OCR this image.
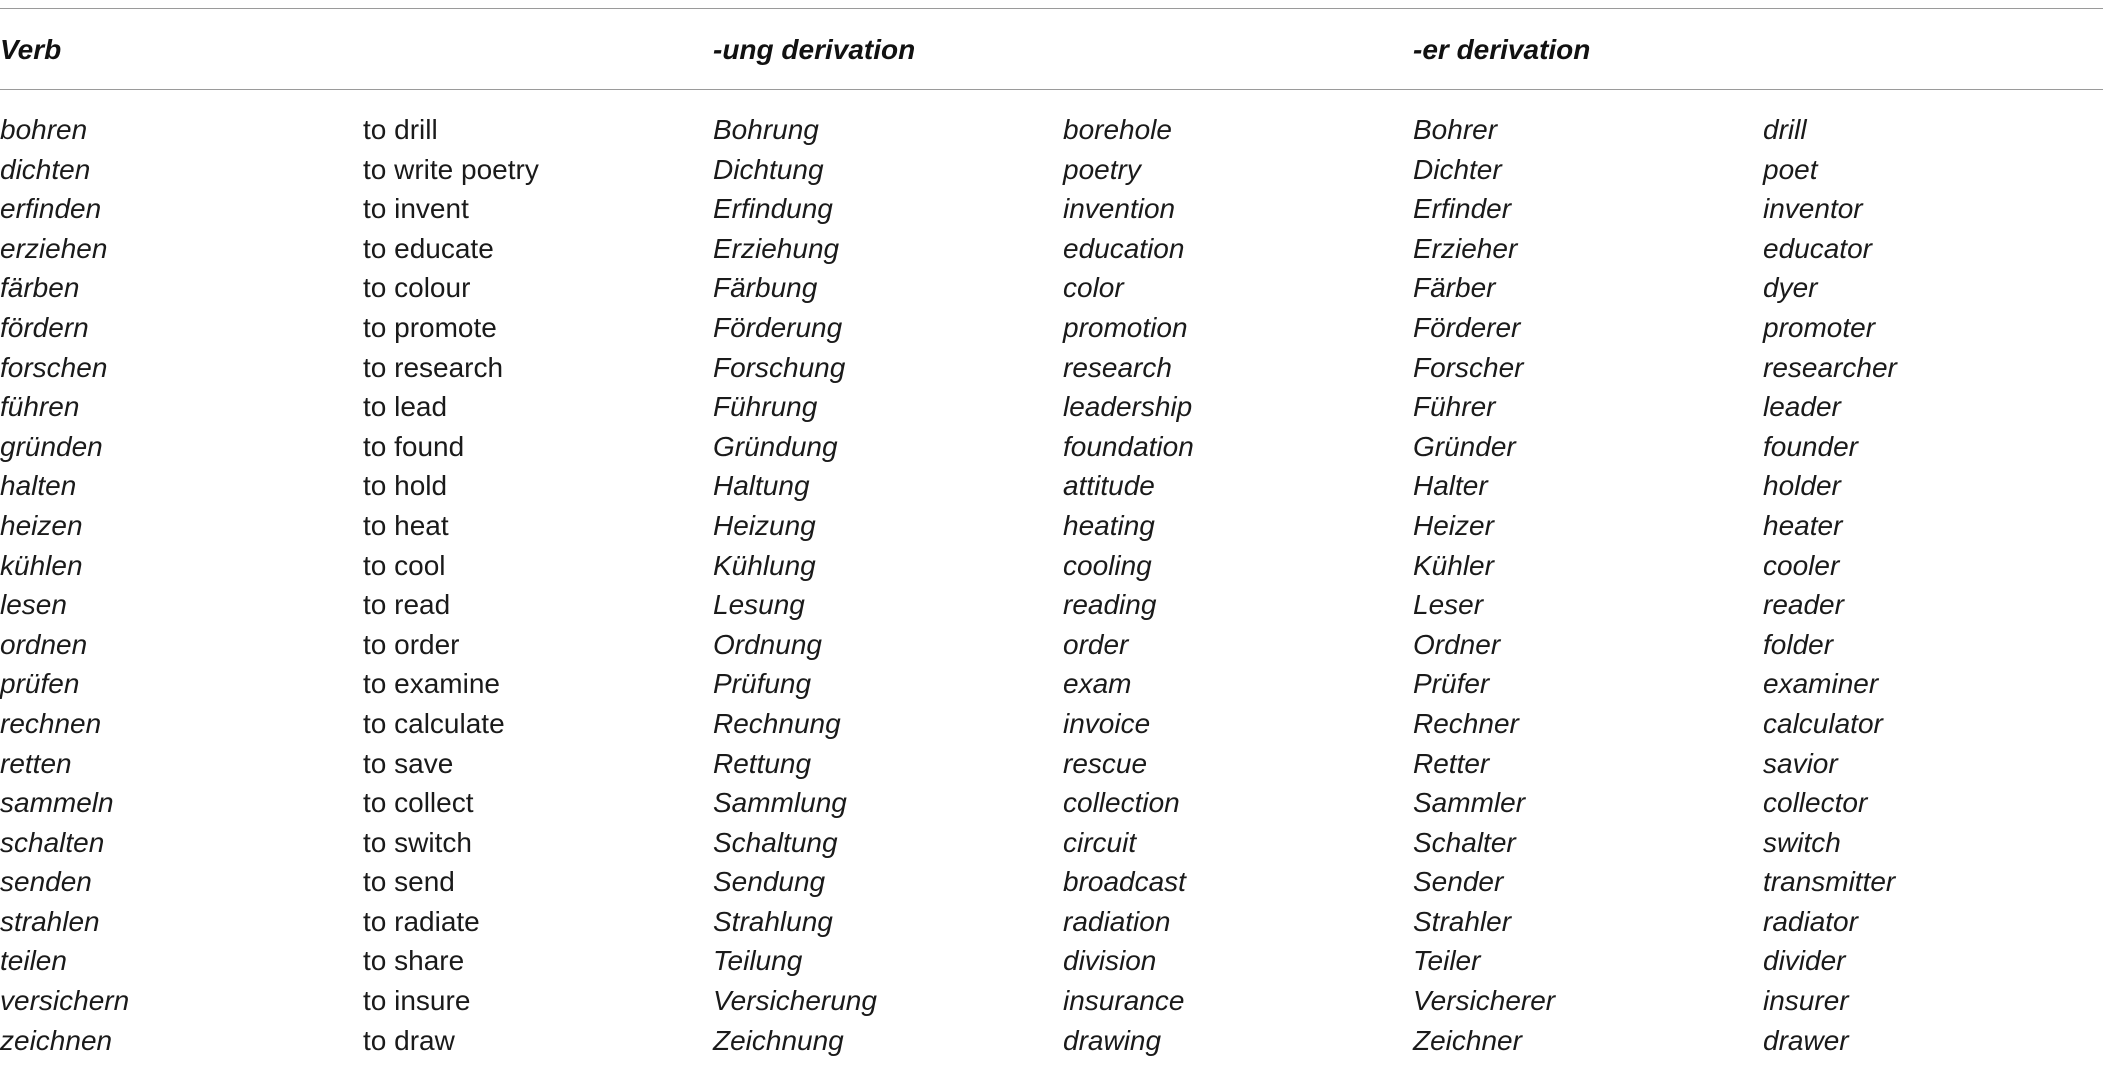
Verb	-ung derivation	-er derivation
bohren	to drill	Bohrung	borehole	Bohrer	drill
dichten	to write poetry	Dichtung	poetry	Dichter	poet
erfinden	to invent	Erfindung	invention	Erfinder	inventor
erziehen	to educate	Erziehung	education	Erzieher	educator
färben	to colour	Färbung	color	Färber	dyer
fördern	to promote	Förderung	promotion	Förderer	promoter
forschen	to research	Forschung	research	Forscher	researcher
führen	to lead	Führung	leadership	Führer	leader
gründen	to found	Gründung	foundation	Gründer	founder
halten	to hold	Haltung	attitude	Halter	holder
heizen	to heat	Heizung	heating	Heizer	heater
kühlen	to cool	Kühlung	cooling	Kühler	cooler
lesen	to read	Lesung	reading	Leser	reader
ordnen	to order	Ordnung	order	Ordner	folder
prüfen	to examine	Prüfung	exam	Prüfer	examiner
rechnen	to calculate	Rechnung	invoice	Rechner	calculator
retten	to save	Rettung	rescue	Retter	savior
sammeln	to collect	Sammlung	collection	Sammler	collector
schalten	to switch	Schaltung	circuit	Schalter	switch
senden	to send	Sendung	broadcast	Sender	transmitter
strahlen	to radiate	Strahlung	radiation	Strahler	radiator
teilen	to share	Teilung	division	Teiler	divider
versichern	to insure	Versicherung	insurance	Versicherer	insurer
zeichnen	to draw	Zeichnung	drawing	Zeichner	drawer
